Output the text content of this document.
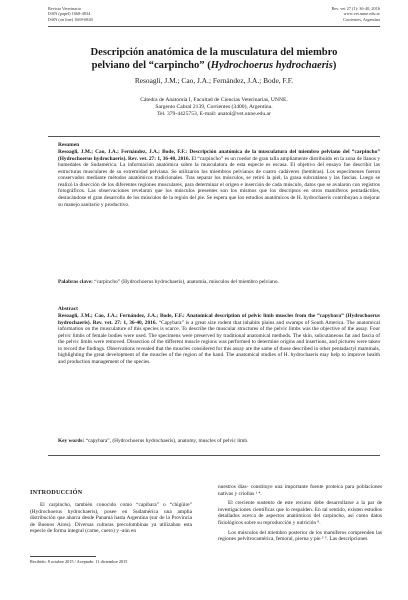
Revista Veterinaria
ISSN (papel) 1668-4834
ISSN (on line) 1669-6840
Rev. vet 27 (1): 36-40, 2016
www.vet.unne.edu.ar
Corrientes, Argentina
Descripción anatómica de la musculatura del miembro
pelviano del “carpincho” (Hydrochoerus hydrochaeris)
Resoagli, J.M.; Cao, J.A.; Fernández, J.A.; Bode, F.F.
Cátedra de Anatomía I, Facultad de Ciencias Veterinarias, UNNE.
Sargento Cabral 2139, Corrientes (3400), Argentina.
Tel. 379-4425753, E-mail: anatol@vet.unne.edu.ar
Resumen

Resoagli, J.M.; Cao, J.A.; Fernández, J.A.; Bode, F.F.: Descripción anatómica de la musculatura del miembro pelviano del “carpincho” (Hydrochoerus hydrochaeris). Rev. vet. 27: 1, 36-40, 2016. El “carpincho” es un roedor de gran talla ampliamente distribuido en la zona de llanos y humedales de Sudamérica. La información anatómica sobre la musculatura de esta especie es escasa. El objetivo del ensayo fue describir las estructuras musculares de su extremidad pelviana. Se utilizaron los miembros pelvianos de cuatro cadáveres (hembras). Los especímenes fueron conservados mediante métodos anatómicos tradicionales. Tras separar los músculos, se retiró la piel, la grasa subcutánea y las fascias. Luego se realizó la disección de los diferentes regiones musculares, para determinar el origen e inserción de cada músculo, datos que se avalaron con registros fotográficos. Las observaciones revelaron que los músculos presentes son los mismos que los descriptos en otros mamíferos pentadáctiles, destacándose el gran desarrollo de los músculos de la región del pie. Se espera que los estudios anatómicos de H. hydrochaeris contribuyan a mejorar su manejo sanitario y productivo.

Palabras clave: “carpincho” (Hydrochoerus hydrochaeris), anatomía, músculos del miembro pelviano.

Abstract

Resoagli, J.M.; Cao, J.A.; Fernández, J.A.; Bode, F.F.: Anatomical description of pelvic limb muscles from the “capybara” (Hydrochoerus hydrochaeris). Rev. vet. 27: 1, 36-40, 2016. “Capybara” is a great size rodent that inhabits plains and swamps of South America. The anatomical information on the musculature of this species is scarce. To describe the muscular structures of the pelvic limbs was the objective of the assay. Four pelvic limbs of female bodies were used. The specimens were preserved by traditional anatomical methods. The skin, subcutaneous fat and fascia of the pelvic limbs were removed. Dissection of the different muscle regions was performed to determine origins and insertions, and pictures were taken to record the findings. Observations revealed that the muscles considered for this assay are the same of those described in other pentadactyl mammals, highlighting the great development of the muscles of the region of the hand. The anatomical studies of H. hydrochaeris may help to improve health and production management of the species.

Key words: “capybara”, (Hydrochoerus hydrochaeris), anatomy, muscles of pelvic limb.

INTRODUCCIÓN
El carpincho, también conocido como “capibara” o “chigüire” (Hydrochoerus hydrochaeris), posee en Sudamérica una amplia distribución que abarca desde Panamá hasta Argentina (sur de la Provincia de Buenos Aires). Diversas culturas precolombinas ya utilizaban esta especie de forma integral (carne, cuero) y -aún en

nuestros días- constituye una importante fuente proteica para poblaciones nativas y criollas ¹ ⁴.

El creciente sustento de este recurso debe desarrollarse a la par de investigaciones científicas que lo respalden. En tal sentido, existen estudios detallados acerca de aspectos anatómicos del carpincho, así como datos fisiológicos sobre su reproducción y nutrición ⁸.

Los músculos del miembro posterior de los mamíferos comprenden las regiones pelvitrocantérica, femoral, pierna y pie ² ⁵. Las descripciones

Recibido: 8 octubre 2015 / Aceptado: 11 diciembre 2015
